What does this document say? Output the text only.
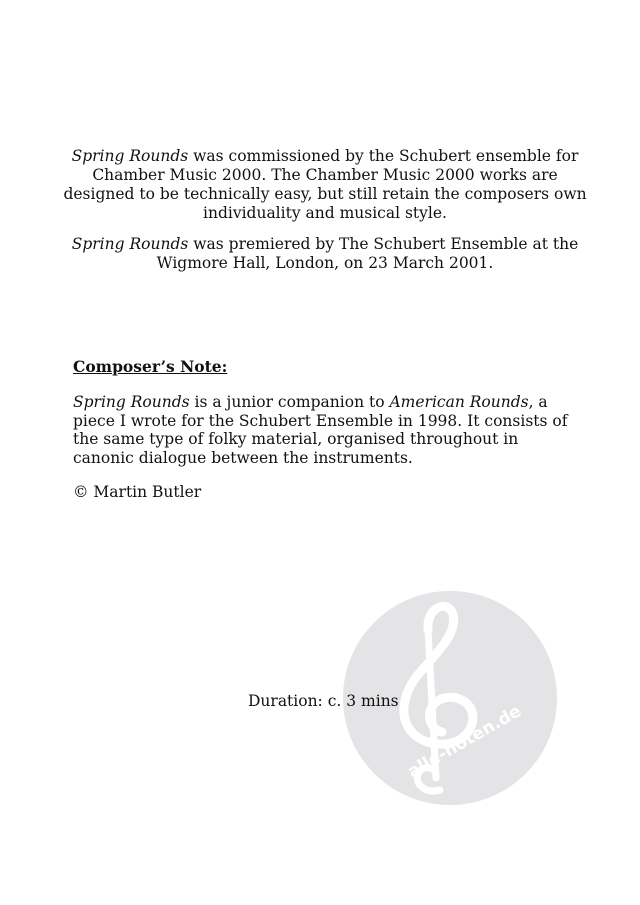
Spring Rounds was commissioned by the Schubert ensemble for Chamber Music 2000. The Chamber Music 2000 works are designed to be technically easy, but still retain the composers own individuality and musical style.

Spring Rounds was premiered by The Schubert Ensemble at the Wigmore Hall, London, on 23 March 2001.

Composer’s Note:

Spring Rounds is a junior companion to American Rounds, a piece I wrote for the Schubert Ensemble in 1998. It consists of the same type of folky material, organised throughout in canonic dialogue between the instruments.

© Martin Butler

alle-noten.de

Duration: c. 3 mins
